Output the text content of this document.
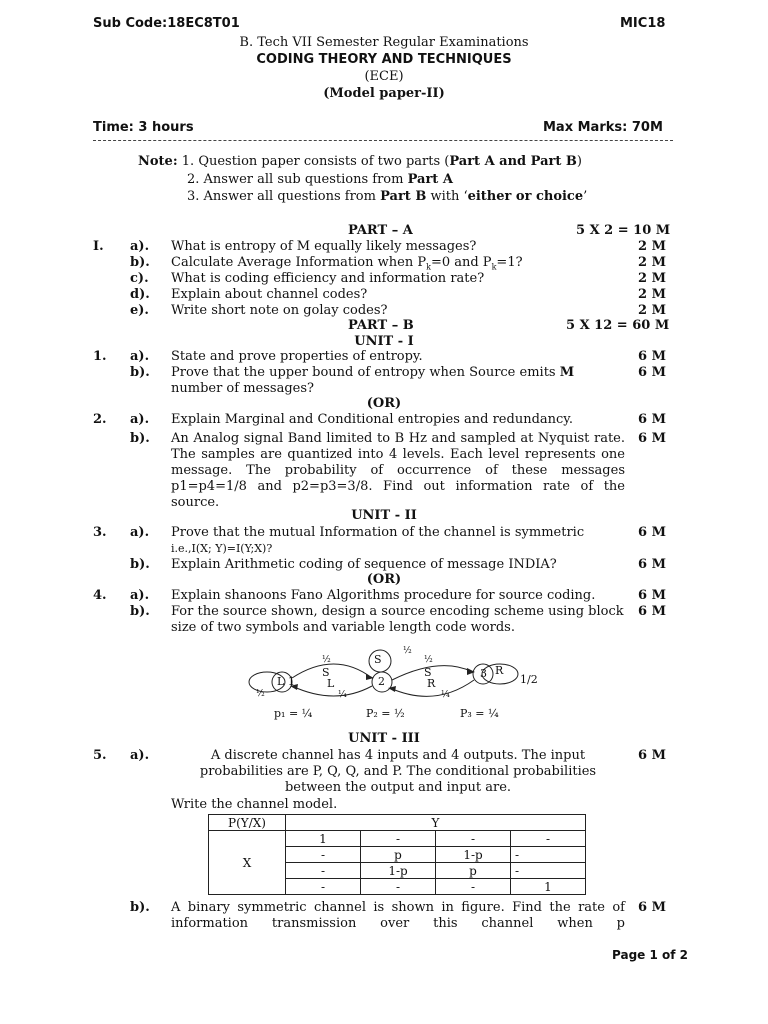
Sub Code:18EC8T01	MIC18
B. Tech VII Semester Regular Examinations
CODING THEORY AND TECHNIQUES
(ECE)
(Model paper-II)
Time: 3 hours	Max Marks: 70M
Note: 1. Question paper consists of two parts (Part A and Part B)
2. Answer all sub questions from Part A
3. Answer all questions from Part B with ‘either or choice’
PART – A	5 X 2 = 10 M
I. a). What is entropy of M equally likely messages?	2 M
b). Calculate Average Information when $P_k=0$ and $P_k=1$?	2 M
c). What is coding efficiency and information rate?	2 M
d). Explain about channel codes?	2 M
e). Write short note on golay codes?	2 M
PART – B	5 X 12 = 60 M
UNIT - I
1. a). State and prove properties of entropy.	6 M
b). Prove that the upper bound of entropy when Source emits M
number of messages?
6 M
(OR)
2. a). Explain Marginal and Conditional entropies and redundancy.	6 M
b). An Analog signal Band limited to B Hz and sampled at Nyquist rate. The samples are quantized into 4 levels. Each level represents one message. The probability of occurrence of these messages p1=p4=1/8 and p2=p3=3/8. Find out information rate of the source.
6 M
UNIT - II
3. a). Prove that the mutual Information of the channel is symmetric
i.e.,I(X; Y)=I(Y;X)?
6 M
b). Explain Arithmetic coding of sequence of message INDIA?	6 M
(OR)
4. a). Explain shanoons Fano Algorithms procedure for source coding.	6 M
b). For the source shown, design a source encoding scheme using block size of two symbols and variable length code words.
6 M
L 1	2
3 R
S
½
½
S
L
¼
½
S
R
¼
½
1/2
p₁ = ¼	P₂ = ½	P₃ = ¼
UNIT - III
5. a).	A discrete channel has 4 inputs and 4 outputs. The input probabilities are P, Q, Q, and P. The conditional probabilities between the output and input are.
Write the channel model.
6 M
P(Y/X)	Y			
X	1	-	-	-
	-	p	1-p	-
	-	1-p	p	-
	-	-	-	1
b). A binary symmetric channel is shown in figure. Find the rate of information transmission over this channel when p
6 M
Page 1 of 2
